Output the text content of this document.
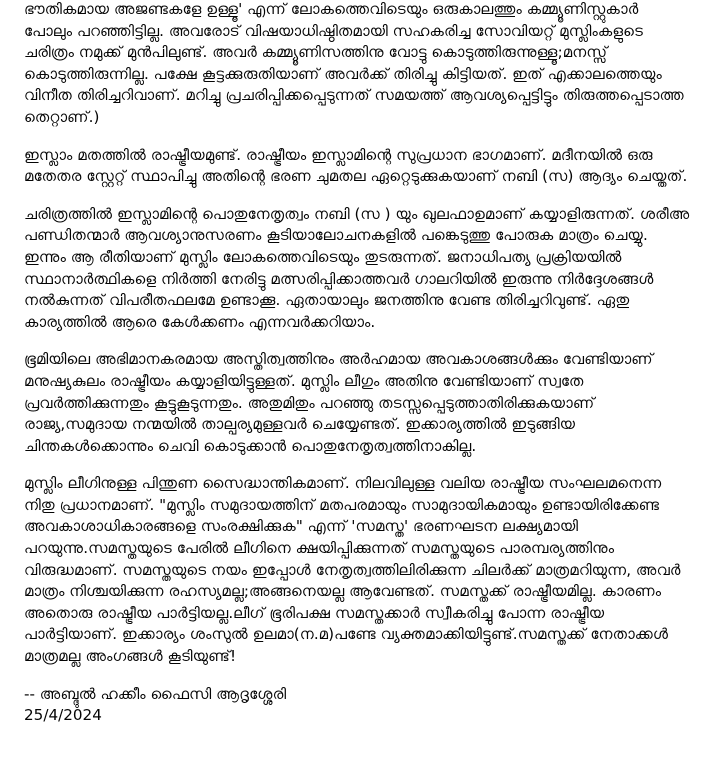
ഭൗതികമായ അജണ്ടകളേ ഉള്ളൂ' എന്ന് ലോകത്തെവിടെയും ഒരുകാലത്തും കമ്മ്യൂണിസ്റ്റുകാർ പോലും പറഞ്ഞിട്ടില്ല. അവരോട് വിഷയാധിഷ്ഠിതമായി സഹകരിച്ച സോവിയറ്റ് മുസ്ലിംകളുടെ ചരിത്രം നമുക്ക് മുൻപിലുണ്ട്. അവർ കമ്മ്യൂണിസത്തിനു വോട്ടു കൊടുത്തിരുന്നുള്ളൂ;മനസ്സ് കൊടുത്തിരുന്നില്ല. പക്ഷേ കൂട്ടക്കുരുതിയാണ് അവർക്ക് തിരിച്ചു കിട്ടിയത്. ഇത് എക്കാലത്തെയും വിനീത തിരിച്ചറിവാണ്. മറിച്ചു പ്രചരിപ്പിക്കപ്പെടുന്നത് സമയത്ത് ആവശ്യപ്പെട്ടിട്ടും തിരുത്തപ്പെടാത്ത തെറ്റാണ്.)

ഇസ്ലാം മതത്തിൽ രാഷ്ട്രീയമുണ്ട്. രാഷ്ട്രീയം ഇസ്ലാമിന്റെ സുപ്രധാന ഭാഗമാണ്. മദീനയിൽ ഒരു മതേതര സ്റ്റേറ്റ് സ്ഥാപിച്ചു അതിന്റെ ഭരണ ചുമതല ഏറ്റെടുക്കുകയാണ് നബി (സ) ആദ്യം ചെയ്തത്.

ചരിത്രത്തിൽ ഇസ്ലാമിന്റെ പൊതുനേതൃത്വം നബി (സ ) യും ഖുലഫാഉമാണ് കയ്യാളിരുന്നത്. ശരീഅ പണ്ഡിതന്മാർ ആവശ്യാനുസരണം കൂടിയാലോചനകളിൽ പങ്കെടുത്തു പോരുക മാത്രം ചെയ്യു. ഇന്നും ആ രീതിയാണ് മുസ്ലിം ലോകത്തെവിടെയും തുടരുന്നത്. ജനാധിപത്യ പ്രക്രിയയിൽ സ്ഥാനാർത്ഥികളെ നിർത്തി നേരിട്ടു മത്സരിപ്പിക്കാത്തവർ ഗാലറിയിൽ ഇരുന്നു നിർദ്ദേശങ്ങൾ നൽകുന്നത് വിപരീതഫലമേ ഉണ്ടാക്കൂ. ഏതായാലും ജനത്തിനു വേണ്ട തിരിച്ചറിവുണ്ട്. ഏതു കാര്യത്തിൽ ആരെ കേൾക്കണം എന്നവർക്കറിയാം.

ഭൂമിയിലെ അഭിമാനകരമായ അസ്തിത്വത്തിനും അർഹമായ അവകാശങ്ങൾക്കും വേണ്ടിയാണ് മനുഷ്യകുലം രാഷ്ട്രീയം കയ്യാളിയിട്ടുള്ളത്. മുസ്ലിം ലീഗും അതിനു വേണ്ടിയാണ് സ്വതേ പ്രവർത്തിക്കുന്നതും കൂട്ടുകൂടുന്നതും. അതുമിതും പറഞ്ഞു തടസ്സപ്പെടുത്താതിരിക്കുകയാണ് രാജ്യ,സമുദായ നന്മയിൽ താല്പര്യമുള്ളവർ ചെയ്യേണ്ടത്. ഇക്കാര്യത്തിൽ ഇടുങ്ങിയ ചിന്തകൾക്കൊന്നും ചെവി കൊടുക്കാൻ പൊതുനേതൃത്വത്തിനാകില്ല.

മുസ്ലിം ലീഗിനുള്ള പിന്തുണ സൈദ്ധാന്തികമാണ്. നിലവിലുള്ള വലിയ രാഷ്ട്രീയ സംഘലമനെന്ന നിതു പ്രധാനമാണ്. "മുസ്ലിം സമുദായത്തിന് മതപരമായും സാമുദായികമായും ഉണ്ടായിരിക്കേണ്ട അവകാശാധികാരങ്ങളെ സംരക്ഷിക്കുക" എന്ന് 'സമസ്ത' ഭരണഘടന ലക്ഷ്യമായി പറയുന്നു.സമസ്തയുടെ പേരിൽ ലീഗിനെ ക്ഷയിപ്പിക്കുന്നത് സമസ്തയുടെ പാരമ്പര്യത്തിനും വിരുദ്ധമാണ്. സമസ്തയുടെ നയം ഇപ്പോൾ നേതൃത്വത്തിലിരിക്കുന്ന ചിലർക്ക് മാത്രമറിയുന്ന, അവർ മാത്രം നിശ്ചയിക്കുന്ന രഹസ്യമല്ല;അങ്ങനെയല്ല ആവേണ്ടത്. സമസ്തക്ക് രാഷ്ട്രീയമില്ല. കാരണം അതൊരു രാഷ്ട്രീയ പാർട്ടിയല്ല.ലീഗ് ഭൂരിപക്ഷ സമസ്തക്കാർ സ്വീകരിച്ചു പോന്ന രാഷ്ട്രീയ പാർട്ടിയാണ്. ഇക്കാര്യം ശംസുൽ ഉലമാ(ന.മ)പണ്ടേ വ്യക്തമാക്കിയിട്ടുണ്ട്.സമസ്തക്ക് നേതാക്കൾ മാത്രമല്ല അംഗങ്ങൾ കൂടിയുണ്ട്!

-- അബ്ദുൽ ഹക്കീം ഫൈസി ആദൃശ്ശേരി
25/4/2024
